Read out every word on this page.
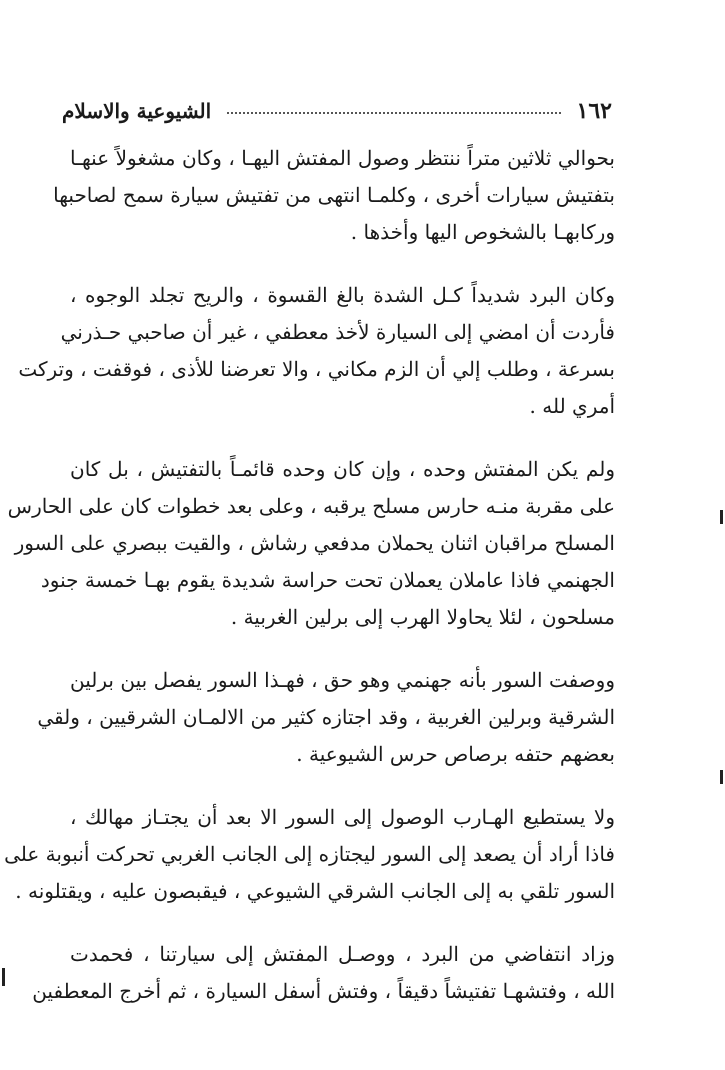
١٦٢
الشيوعية والاسلام
بحوالي ثلاثين متراً ننتظر وصول المفتش اليهـا ، وكان مشغولاً عنهـا
بتفتيش سيارات أخرى ، وكلمـا انتهى من تفتيش سيارة سمح لصاحبها
وركابهـا بالشخوص اليها وأخذها .
وكان البرد شديداً كـل الشدة بالغ القسوة ، والريح تجلد الوجوه ،
فأردت أن امضي إلى السيارة لأخذ معطفي ، غير أن صاحبي حـذرني
بسرعة ، وطلب إلي أن الزم مكاني ، والا تعرضنا للأذى ، فوقفت ، وتركت
أمري لله .
ولم يكن المفتش وحده ، وإن كان وحده قائمـاً بالتفتيش ، بل كان
على مقربة منـه حارس مسلح يرقبه ، وعلى بعد خطوات كان على الحارس
المسلح مراقبان اثنان يحملان مدفعي رشاش ، والقيت ببصري على السور
الجهنمي فاذا عاملان يعملان تحت حراسة شديدة يقوم بهـا خمسة جنود
مسلحون ، لئلا يحاولا الهرب إلى برلين الغربية .
ووصفت السور بأنه جهنمي وهو حق ، فهـذا السور يفصل بين برلين
الشرقية وبرلين الغربية ، وقد اجتازه كثير من الالمـان الشرقيين ، ولقي
بعضهم حتفه برصاص حرس الشيوعية .
ولا يستطيع الهـارب الوصول إلى السور الا بعد أن يجتـاز مهالك ،
فاذا أراد أن يصعد إلى السور ليجتازه إلى الجانب الغربي تحركت أنبوبة على
السور تلقي به إلى الجانب الشرقي الشيوعي ، فيقبصون عليه ، ويقتلونه .
وزاد انتفاضي من البرد ، ووصـل المفتش إلى سيارتنا ، فحمدت
الله ، وفتشهـا تفتيشاً دقيقاً ، وفتش أسفل السيارة ، ثم أخرج المعطفين
